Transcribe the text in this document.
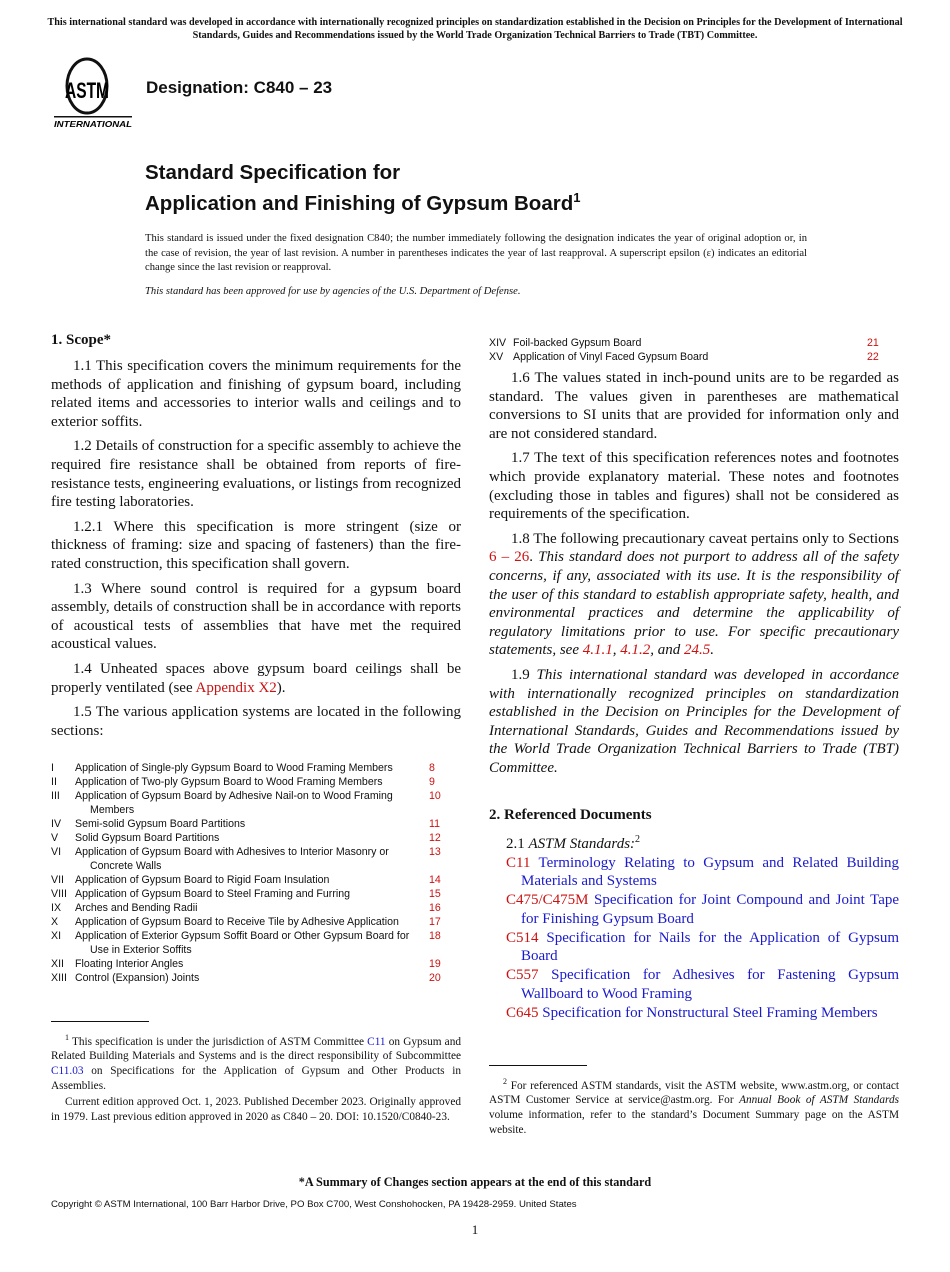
This international standard was developed in accordance with internationally recognized principles on standardization established in the Decision on Principles for the Development of International Standards, Guides and Recommendations issued by the World Trade Organization Technical Barriers to Trade (TBT) Committee.
ASTM
INTERNATIONAL
Designation: C840 – 23
Standard Specification for
Application and Finishing of Gypsum Board$^1$
This standard is issued under the fixed designation C840; the number immediately following the designation indicates the year of original adoption or, in the case of revision, the year of last revision. A number in parentheses indicates the year of last reapproval. A superscript epsilon (ε) indicates an editorial change since the last revision or reapproval.
This standard has been approved for use by agencies of the U.S. Department of Defense.
1. Scope*

1.1 This specification covers the minimum requirements for the methods of application and finishing of gypsum board, including related items and accessories to interior walls and ceilings and to exterior soffits.

1.2 Details of construction for a specific assembly to achieve the required fire resistance shall be obtained from reports of fire-resistance tests, engineering evaluations, or listings from recognized fire testing laboratories.

1.2.1 Where this specification is more stringent (size or thickness of framing: size and spacing of fasteners) than the fire-rated construction, this specification shall govern.

1.3 Where sound control is required for a gypsum board assembly, details of construction shall be in accordance with reports of acoustical tests of assemblies that have met the required acoustical values.

1.4 Unheated spaces above gypsum board ceilings shall be properly ventilated (see Appendix X2).

1.5 The various application systems are located in the following sections:

I	Application of Single-ply Gypsum Board to Wood Framing Members	8
II	Application of Two-ply Gypsum Board to Wood Framing Members	9
III	Application of Gypsum Board by Adhesive Nail-on to Wood Framing Members	10
IV	Semi-solid Gypsum Board Partitions	11
V	Solid Gypsum Board Partitions	12
VI	Application of Gypsum Board with Adhesives to Interior Masonry or Concrete Walls	13
VII	Application of Gypsum Board to Rigid Foam Insulation	14
VIII	Application of Gypsum Board to Steel Framing and Furring	15
IX	Arches and Bending Radii	16
X	Application of Gypsum Board to Receive Tile by Adhesive Application	17
XI	Application of Exterior Gypsum Soffit Board or Other Gypsum Board for Use in Exterior Soffits	18
XII	Floating Interior Angles	19
XIII	Control (Expansion) Joints	20

$^1$ This specification is under the jurisdiction of ASTM Committee C11 on Gypsum and Related Building Materials and Systems and is the direct responsibility of Subcommittee C11.03 on Specifications for the Application of Gypsum and Other Products in Assemblies.

Current edition approved Oct. 1, 2023. Published December 2023. Originally approved in 1979. Last previous edition approved in 2020 as C840 – 20. DOI: 10.1520/C0840-23.

XIV	Foil-backed Gypsum Board	21
XV	Application of Vinyl Faced Gypsum Board	22

1.6 The values stated in inch-pound units are to be regarded as standard. The values given in parentheses are mathematical conversions to SI units that are provided for information only and are not considered standard.

1.7 The text of this specification references notes and footnotes which provide explanatory material. These notes and footnotes (excluding those in tables and figures) shall not be considered as requirements of the specification.

1.8 The following precautionary caveat pertains only to Sections 6 – 26. This standard does not purport to address all of the safety concerns, if any, associated with its use. It is the responsibility of the user of this standard to establish appropriate safety, health, and environmental practices and determine the applicability of regulatory limitations prior to use. For specific precautionary statements, see 4.1.1, 4.1.2, and 24.5.

1.9 This international standard was developed in accordance with internationally recognized principles on standardization established in the Decision on Principles for the Development of International Standards, Guides and Recommendations issued by the World Trade Organization Technical Barriers to Trade (TBT) Committee.

2. Referenced Documents
2.1 ASTM Standards:$^2$
C11 Terminology Relating to Gypsum and Related Building Materials and Systems
C475/C475M Specification for Joint Compound and Joint Tape for Finishing Gypsum Board
C514 Specification for Nails for the Application of Gypsum Board
C557 Specification for Adhesives for Fastening Gypsum Wallboard to Wood Framing
C645 Specification for Nonstructural Steel Framing Members

$^2$ For referenced ASTM standards, visit the ASTM website, www.astm.org, or contact ASTM Customer Service at service@astm.org. For Annual Book of ASTM Standards volume information, refer to the standard’s Document Summary page on the ASTM website.

*A Summary of Changes section appears at the end of this standard
Copyright © ASTM International, 100 Barr Harbor Drive, PO Box C700, West Conshohocken, PA 19428-2959. United States
1
